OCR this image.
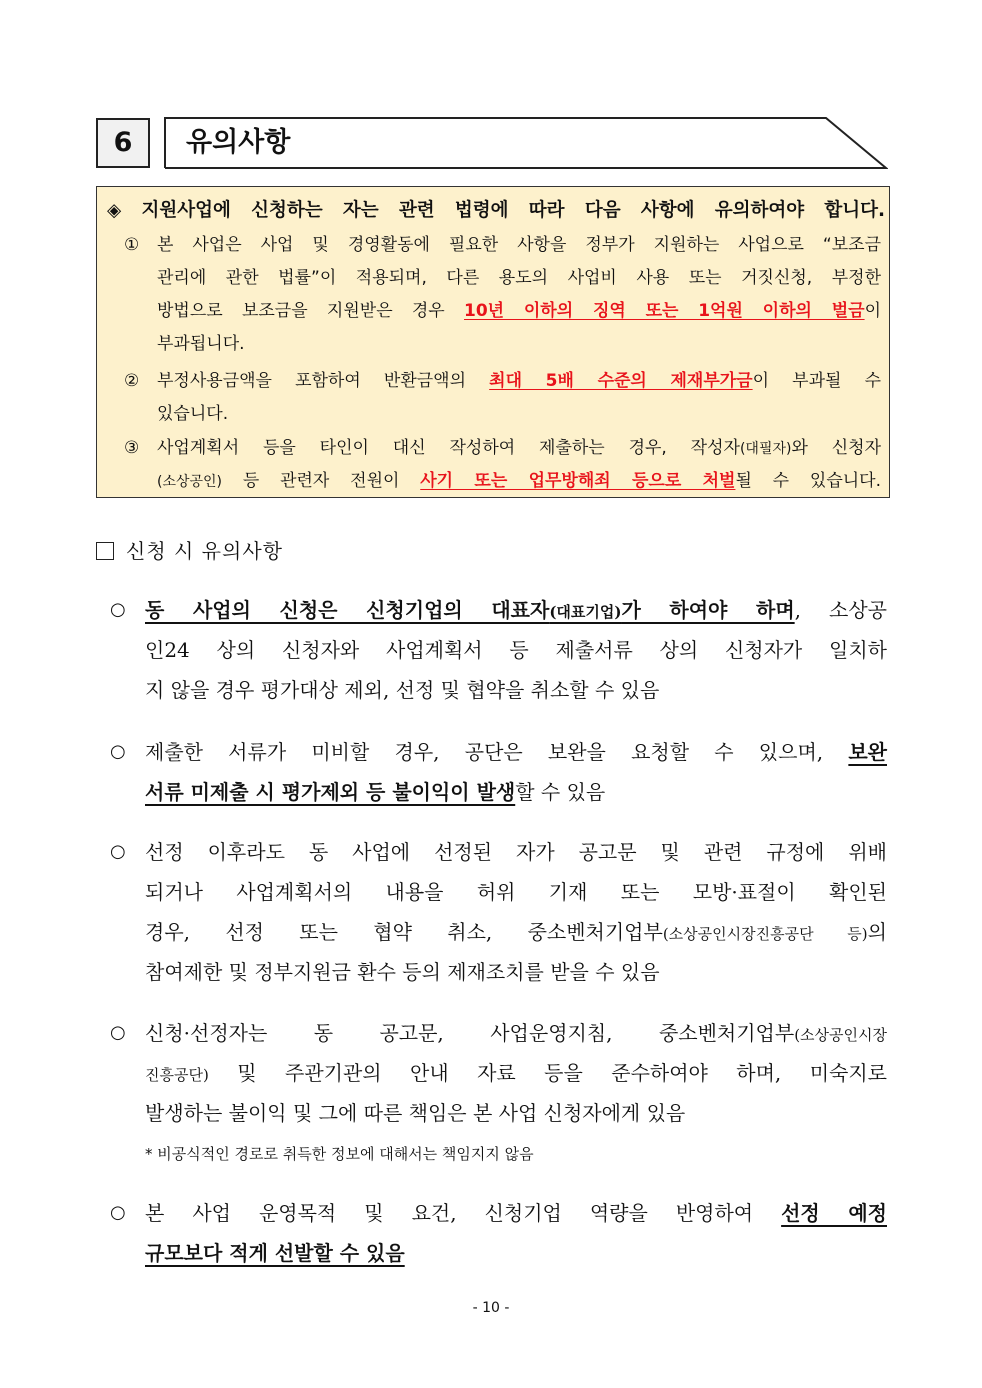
6	유의사항
◈ 지원사업에 신청하는 자는 관련 법령에 따라 다음 사항에 유의하여야 합니다.
① 본 사업은 사업 및 경영활동에 필요한 사항을 정부가 지원하는 사업으로 “보조금
관리에 관한 법률”이 적용되며, 다른 용도의 사업비 사용 또는 거짓신청, 부정한
방법으로 보조금을 지원받은 경우 10년 이하의 징역 또는 1억원 이하의 벌금이
부과됩니다.
② 부정사용금액을 포함하여 반환금액의 최대 5배 수준의 제재부가금이 부과될 수
있습니다.
③ 사업계획서 등을 타인이 대신 작성하여 제출하는 경우, 작성자(대필자)와 신청자
(소상공인) 등 관련자 전원이 사기 또는 업무방해죄 등으로 처벌될 수 있습니다.
신청 시 유의사항
○ 동 사업의 신청은 신청기업의 대표자(대표기업)가 하여야 하며, 소상공
인24 상의 신청자와 사업계획서 등 제출서류 상의 신청자가 일치하
지 않을 경우 평가대상 제외, 선정 및 협약을 취소할 수 있음
○ 제출한 서류가 미비할 경우, 공단은 보완을 요청할 수 있으며, 보완
서류 미제출 시 평가제외 등 불이익이 발생할 수 있음
○ 선정 이후라도 동 사업에 선정된 자가 공고문 및 관련 규정에 위배
되거나 사업계획서의 내용을 허위 기재 또는 모방·표절이 확인된
경우, 선정 또는 협약 취소, 중소벤처기업부(소상공인시장진흥공단 등)의
참여제한 및 정부지원금 환수 등의 제재조치를 받을 수 있음
○ 신청·선정자는 동 공고문, 사업운영지침, 중소벤처기업부(소상공인시장
진흥공단) 및 주관기관의 안내 자료 등을 준수하여야 하며, 미숙지로
발생하는 불이익 및 그에 따른 책임은 본 사업 신청자에게 있음
* 비공식적인 경로로 취득한 정보에 대해서는 책임지지 않음
○ 본 사업 운영목적 및 요건, 신청기업 역량을 반영하여 선정 예정
규모보다 적게 선발할 수 있음
- 10 -
